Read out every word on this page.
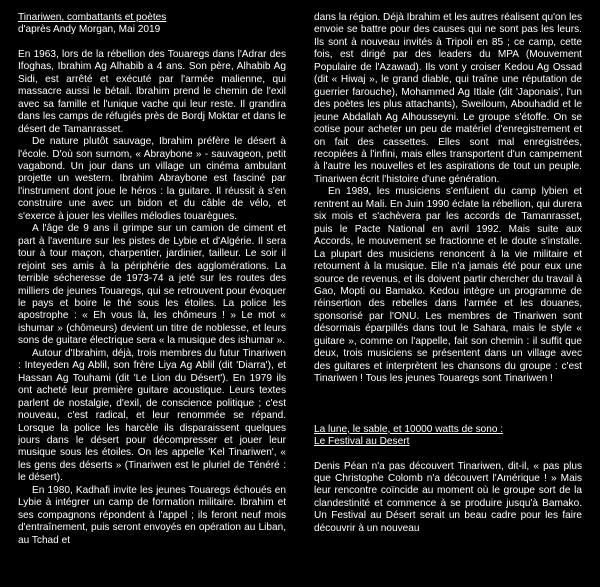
Tinariwen, combattants et poètes

d'après Andy Morgan, Mai 2019

En 1963, lors de la rébellion des Touaregs dans l'Adrar des Ifoghas, Ibrahim Ag Alhabib a 4 ans. Son père, Alhabib Ag Sidi, est arrêté et exécuté par l'armée malienne, qui massacre aussi le bétail. Ibrahim prend le chemin de l'exil avec sa famille et l'unique vache qui leur reste. Il grandira dans les camps de réfugiés près de Bordj Moktar et dans le désert de Tamanrasset.

De nature plutôt sauvage, Ibrahim préfère le désert à l'école. D'où son surnom, « Abraybone » - sauvageon, petit vagabond. Un jour dans un village un cinéma ambulant projette un western. Ibrahim Abraybone est fasciné par l'instrument dont joue le héros : la guitare. Il réussit à s'en construire une avec un bidon et du câble de vélo, et s'exerce à jouer les vieilles mélodies touarègues.

A l'âge de 9 ans il grimpe sur un camion de ciment et part à l'aventure sur les pistes de Lybie et d'Algérie. Il sera tour à tour maçon, charpentier, jardinier, tailleur. Le soir il rejoint ses amis à la périphérie des agglomérations. La terrible sécheresse de 1973-74 a jeté sur les routes des milliers de jeunes Touaregs, qui se retrouvent pour évoquer le pays et boire le thé sous les étoiles. La police les apostrophe : « Eh vous là, les chômeurs ! » Le mot « ishumar » (chômeurs) devient un titre de noblesse, et leurs sons de guitare électrique sera « la musique des ishumar ».

Autour d'Ibrahim, déjà, trois membres du futur Tinariwen : Inteyeden Ag Ablil, son frère Liya Ag Ablil (dit 'Diarra'), et Hassan Ag Touhami (dit 'Le Lion du Désert'). En 1979 ils ont acheté leur première guitare acoustique. Leurs textes parlent de nostalgie, d'exil, de conscience politique ; c'est nouveau, c'est radical, et leur renommée se répand. Lorsque la police les harcèle ils disparaissent quelques jours dans le désert pour décompresser et jouer leur musique sous les étoiles. On les appelle 'Kel Tinariwen', « les gens des déserts » (Tinariwen est le pluriel de Ténéré : le désert).

En 1980, Kadhafi invite les jeunes Touaregs échoués en Lybie à intégrer un camp de formation militaire. Ibrahim et ses compagnons répondent à l'appel ; ils feront neuf mois d'entraînement, puis seront envoyés en opération au Liban, au Tchad et

dans la région. Déjà Ibrahim et les autres réalisent qu'on les envoie se battre pour des causes qui ne sont pas les leurs. Ils sont à nouveau invités à Tripoli en 85 ; ce camp, cette fois, est dirigé par des leaders du MPA (Mouvement Populaire de l'Azawad). Ils vont y croiser Kedou Ag Ossad (dit « Hiwaj », le grand diable, qui traîne une réputation de guerrier farouche), Mohammed Ag Itlale (dit 'Japonais', l'un des poètes les plus attachants), Sweiloum, Abouhadid et le jeune Abdallah Ag Alhousseyni. Le groupe s'étoffe. On se cotise pour acheter un peu de matériel d'enregistrement et on fait des cassettes. Elles sont mal enregistrées, recopiées à l'infini, mais elles transportent d'un campement à l'autre les nouvelles et les aspirations de tout un peuple. Tinariwen écrit l'histoire d'une génération.

En 1989, les musiciens s'enfuient du camp lybien et rentrent au Mali. En Juin 1990 éclate la rébellion, qui durera six mois et s'achèvera par les accords de Tamanrasset, puis le Pacte National en avril 1992. Mais suite aux Accords, le mouvement se fractionne et le doute s'installe. La plupart des musiciens renoncent à la vie militaire et retournent à la musique. Elle n'a jamais été pour eux une source de revenus, et ils doivent partir chercher du travail à Gao, Mopti ou Bamako. Kedou intègre un programme de réinsertion des rebelles dans l'armée et les douanes, sponsorisé par l'ONU. Les membres de Tinariwen sont désormais éparpillés dans tout le Sahara, mais le style « guitare », comme on l'appelle, fait son chemin : il suffit que deux, trois musiciens se présentent dans un village avec des guitares et interprètent les chansons du groupe : c'est Tinariwen ! Tous les jeunes Touaregs sont Tinariwen !

La lune, le sable, et 10000 watts de sono :

Le Festival au Desert

Denis Péan n'a pas découvert Tinariwen, dit-il, « pas plus que Christophe Colomb n'a découvert l'Amérique ! » Mais leur rencontre coïncide au moment où le groupe sort de la clandestinité et commence à se produire jusqu'à Bamako. Un Festival au Désert serait un beau cadre pour les faire découvrir à un nouveau
